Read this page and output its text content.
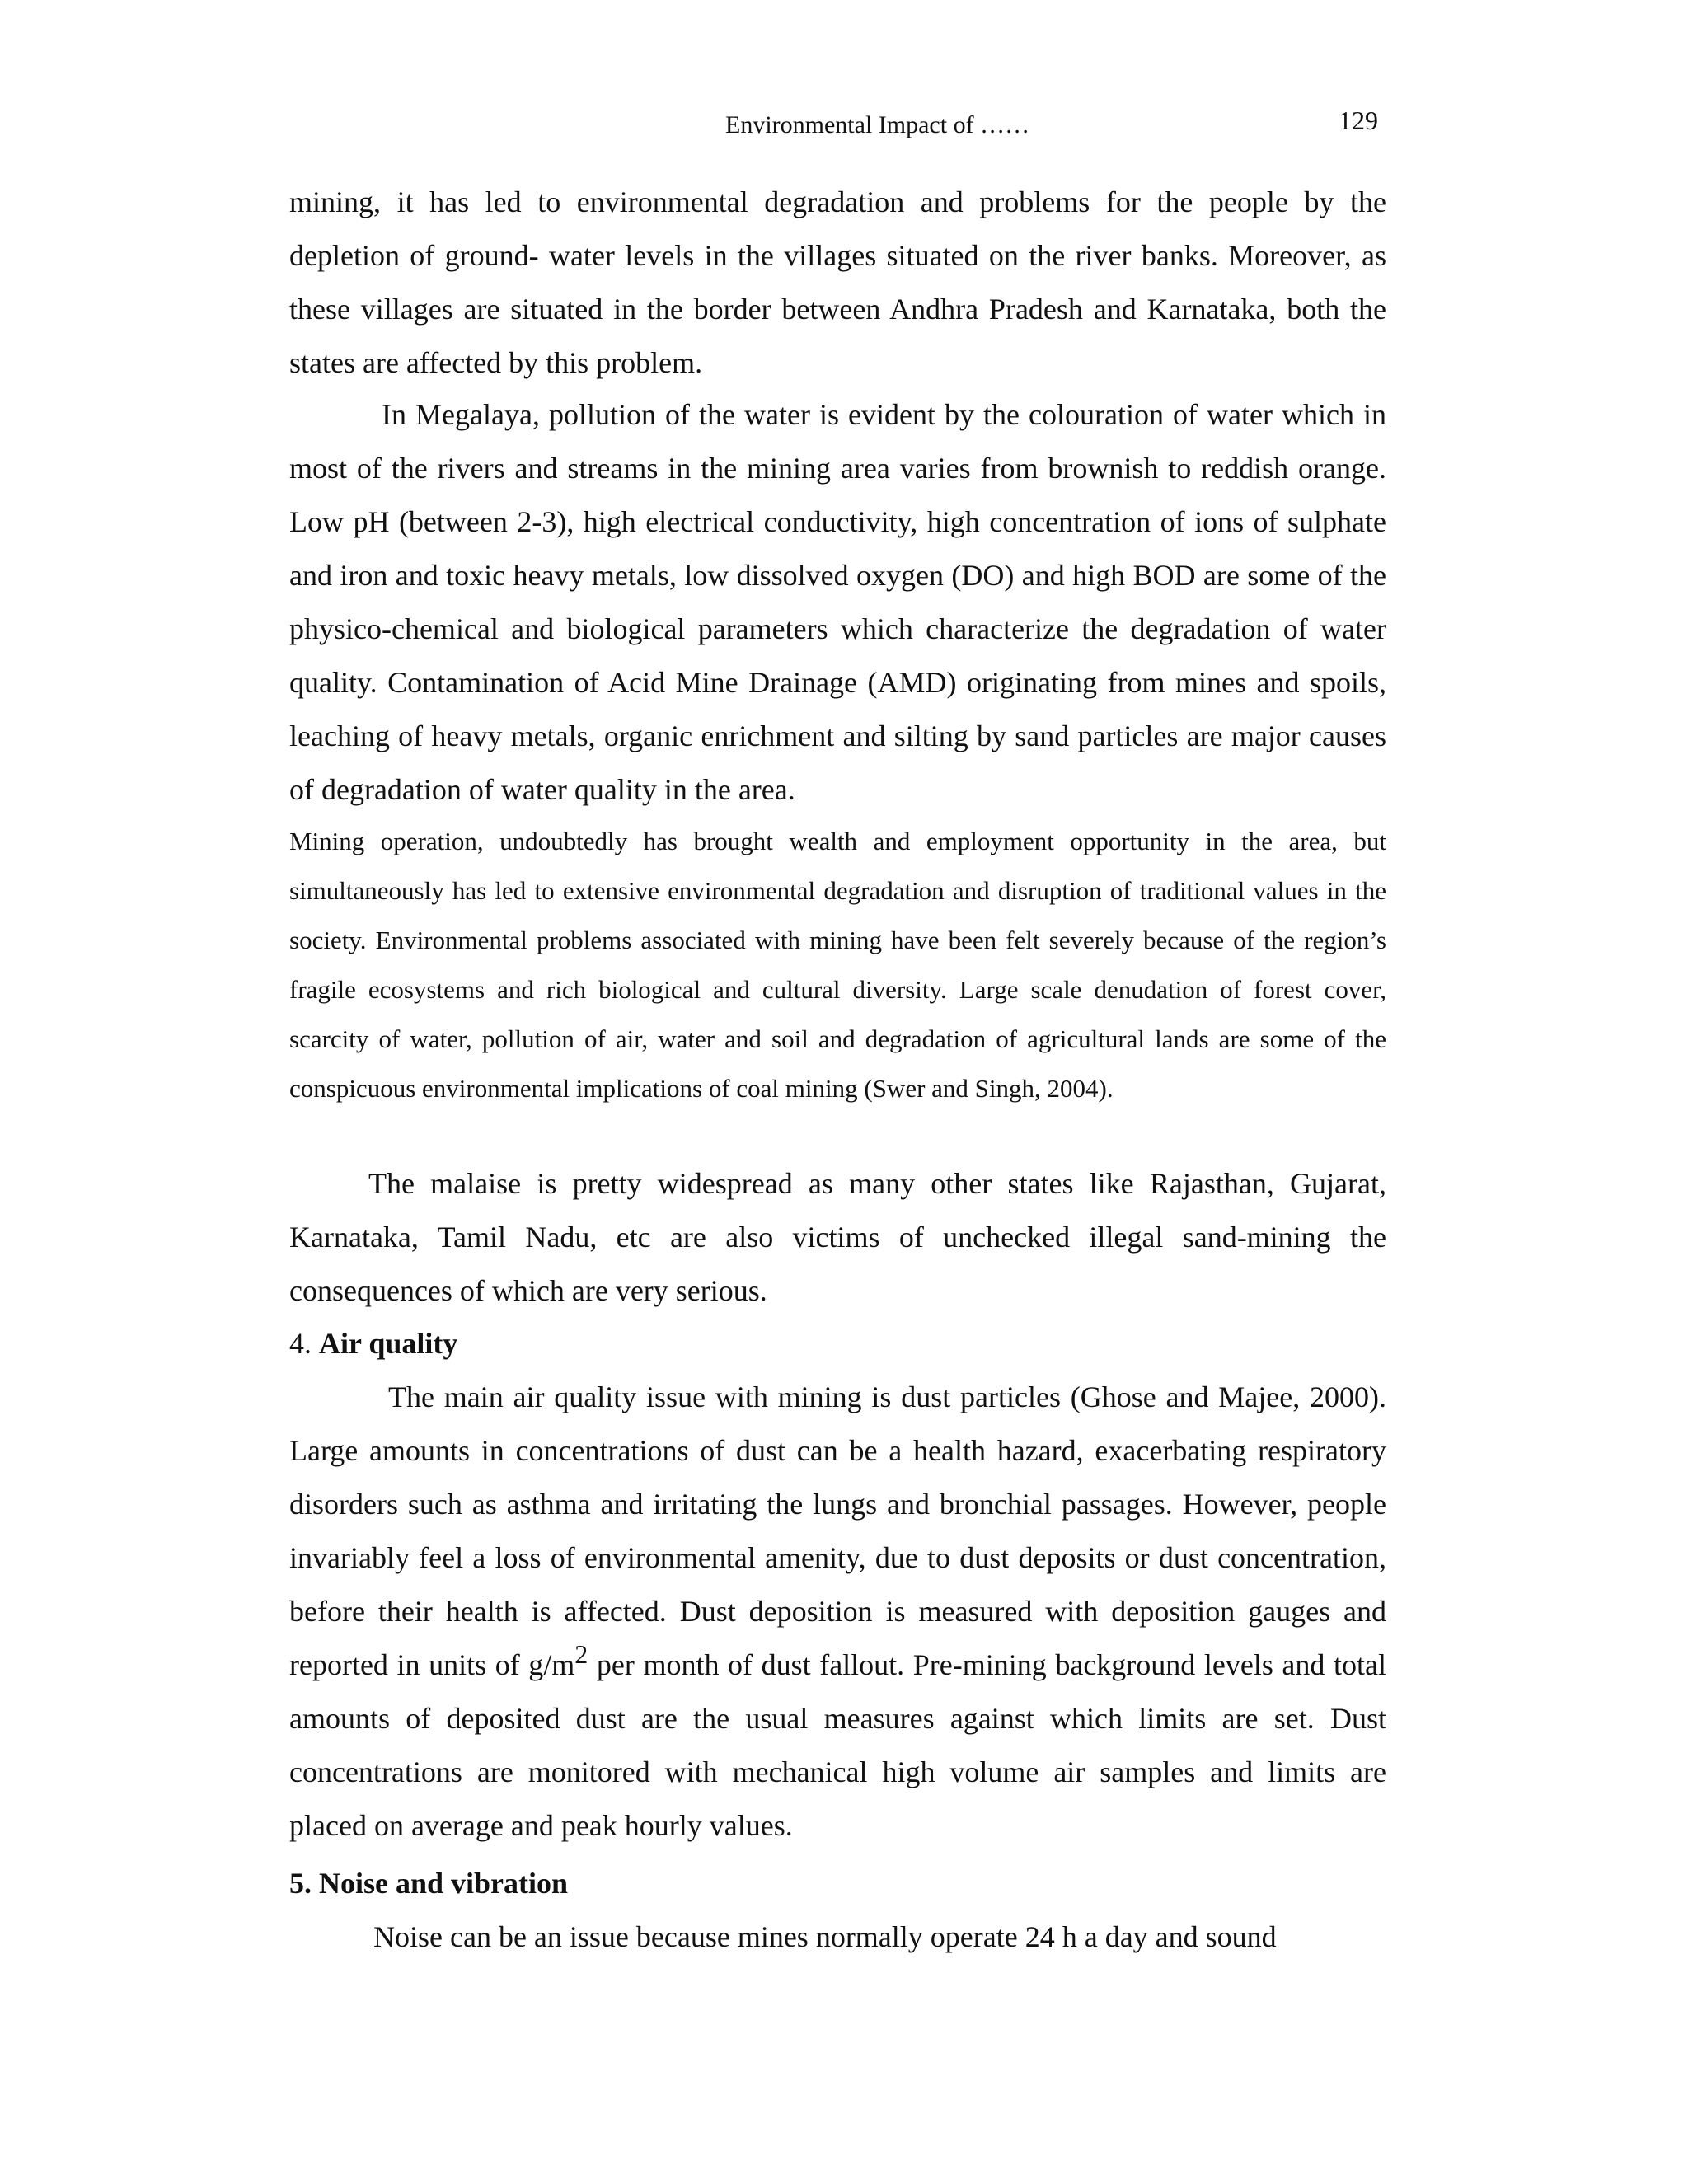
Environmental Impact of ……	129

mining, it has led to environmental degradation and problems for the people by the depletion of ground- water levels in the villages situated on the river banks. Moreover, as these villages are situated in the border between Andhra Pradesh and Karnataka, both the states are affected by this problem.

In Megalaya, pollution of the water is evident by the colouration of water which in most of the rivers and streams in the mining area varies from brownish to reddish orange. Low pH (between 2-3), high electrical conductivity, high concentration of ions of sulphate and iron and toxic heavy metals, low dissolved oxygen (DO) and high BOD are some of the physico-chemical and biological parameters which characterize the degradation of water quality. Contamination of Acid Mine Drainage (AMD) originating from mines and spoils, leaching of heavy metals, organic enrichment and silting by sand particles are major causes of degradation of water quality in the area.

Mining operation, undoubtedly has brought wealth and employment opportunity in the area, but simultaneously has led to extensive environmental degradation and disruption of traditional values in the society. Environmental problems associated with mining have been felt severely because of the region’s fragile ecosystems and rich biological and cultural diversity. Large scale denudation of forest cover, scarcity of water, pollution of air, water and soil and degradation of agricultural lands are some of the conspicuous environmental implications of coal mining (Swer and Singh, 2004).

The malaise is pretty widespread as many other states like Rajasthan, Gujarat, Karnataka, Tamil Nadu, etc are also victims of unchecked illegal sand-mining the consequences of which are very serious.

4. Air quality

The main air quality issue with mining is dust particles (Ghose and Majee, 2000). Large amounts in concentrations of dust can be a health hazard, exacerbating respiratory disorders such as asthma and irritating the lungs and bronchial passages. However, people invariably feel a loss of environmental amenity, due to dust deposits or dust concentration, before their health is affected. Dust deposition is measured with deposition gauges and reported in units of $g/m^2$ per month of dust fallout. Pre-mining background levels and total amounts of deposited dust are the usual measures against which limits are set. Dust concentrations are monitored with mechanical high volume air samples and limits are placed on average and peak hourly values.

5. Noise and vibration

Noise can be an issue because mines normally operate 24 h a day and sound
